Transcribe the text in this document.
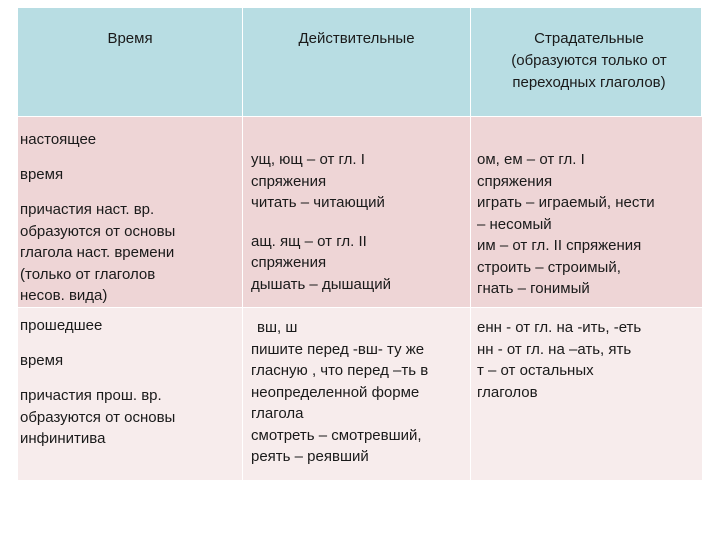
Время	Действительные	Страдательные
(образуются только от
переходных глаголов)
настоящее
время
причастия наст. вр.
образуются от основы
глагола наст. времени
(только от глаголов
несов. вида)
ущ, ющ – от гл. I
спряжения
читать – читающий
ащ. ящ – от гл. II
спряжения
дышать – дышащий
ом, ем – от гл. I
спряжения
играть – играемый, нести
– несомый
им – от гл. II спряжения
строить – строимый,
гнать – гонимый
прошедшее
время
причастия прош. вр.
образуются от основы
инфинитива
вш, ш
пишите перед -вш- ту же
гласную , что перед –ть в
неопределенной форме
глагола
смотреть – смотревший,
реять – реявший
енн - от гл. на -ить, -еть
нн - от гл. на –ать, ять
т – от остальных
глаголов
